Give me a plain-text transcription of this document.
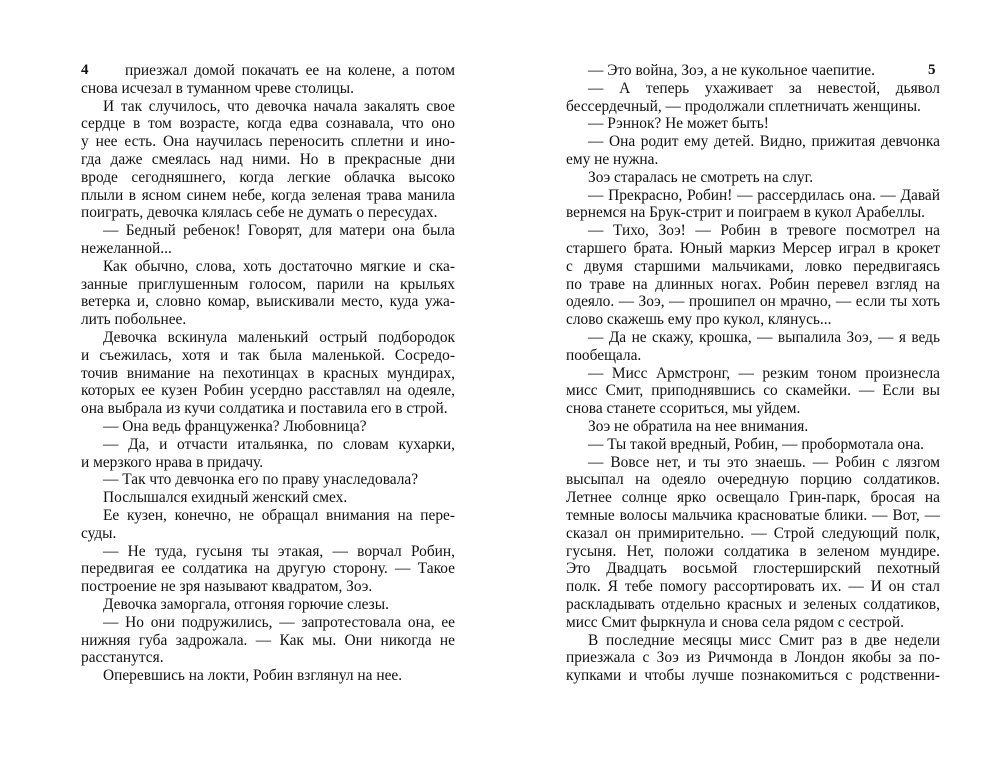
4	приезжал домой покачать ее на колене, а потом
снова исчезал в туманном чреве столицы.
И так случилось, что девочка начала закалять свое
сердце в том возрасте, когда едва сознавала, что оно
у нее есть. Она научилась переносить сплетни и ино-
гда даже смеялась над ними. Но в прекрасные дни
вроде сегодняшнего, когда легкие облачка высоко
плыли в ясном синем небе, когда зеленая трава манила
поиграть, девочка клялась себе не думать о пересудах.
— Бедный ребенок! Говорят, для матери она была
нежеланной...
Как обычно, слова, хоть достаточно мягкие и ска-
занные приглушенным голосом, парили на крыльях
ветерка и, словно комар, выискивали место, куда ужа-
лить побольнее.
Девочка вскинула маленький острый подбородок
и съежилась, хотя и так была маленькой. Сосредо-
точив внимание на пехотинцах в красных мундирах,
которых ее кузен Робин усердно расставлял на одеяле,
она выбрала из кучи солдатика и поставила его в строй.
— Она ведь француженка? Любовница?
— Да, и отчасти итальянка, по словам кухарки,
и мерзкого нрава в придачу.
— Так что девчонка его по праву унаследовала?
Послышался ехидный женский смех.
Ее кузен, конечно, не обращал внимания на пере-
суды.
— Не туда, гусыня ты этакая, — ворчал Робин,
передвигая ее солдатика на другую сторону. — Такое
построение не зря называют квадратом, Зоэ.
Девочка заморгала, отгоняя горючие слезы.
— Но они подружились, — запротестовала она, ее
нижняя губа задрожала. — Как мы. Они никогда не
расстанутся.
Оперевшись на локти, Робин взглянул на нее.
5
— Это война, Зоэ, а не кукольное чаепитие.
— А теперь ухаживает за невестой, дьявол
бессердечный, — продолжали сплетничать женщины.
— Рэннок? Не может быть!
— Она родит ему детей. Видно, прижитая девчонка
ему не нужна.
Зоэ старалась не смотреть на слуг.
— Прекрасно, Робин! — рассердилась она. — Давай
вернемся на Брук-стрит и поиграем в кукол Арабеллы.
— Тихо, Зоэ! — Робин в тревоге посмотрел на
старшего брата. Юный маркиз Мерсер играл в крокет
с двумя старшими мальчиками, ловко передвигаясь
по траве на длинных ногах. Робин перевел взгляд на
одеяло. — Зоэ, — прошипел он мрачно, — если ты хоть
слово скажешь ему про кукол, клянусь...
— Да не скажу, крошка, — выпалила Зоэ, — я ведь
пообещала.
— Мисс Армстронг, — резким тоном произнесла
мисс Смит, приподнявшись со скамейки. — Если вы
снова станете ссориться, мы уйдем.
Зоэ не обратила на нее внимания.
— Ты такой вредный, Робин, — пробормотала она.
— Вовсе нет, и ты это знаешь. — Робин с лязгом
высыпал на одеяло очередную порцию солдатиков.
Летнее солнце ярко освещало Грин-парк, бросая на
темные волосы мальчика красноватые блики. — Вот, —
сказал он примирительно. — Строй следующий полк,
гусыня. Нет, положи солдатика в зеленом мундире.
Это Двадцать восьмой глостерширский пехотный
полк. Я тебе помогу рассортировать их. — И он стал
раскладывать отдельно красных и зеленых солдатиков,
мисс Смит фыркнула и снова села рядом с сестрой.
В последние месяцы мисс Смит раз в две недели
приезжала с Зоэ из Ричмонда в Лондон якобы за по-
купками и чтобы лучше познакомиться с родственни-
